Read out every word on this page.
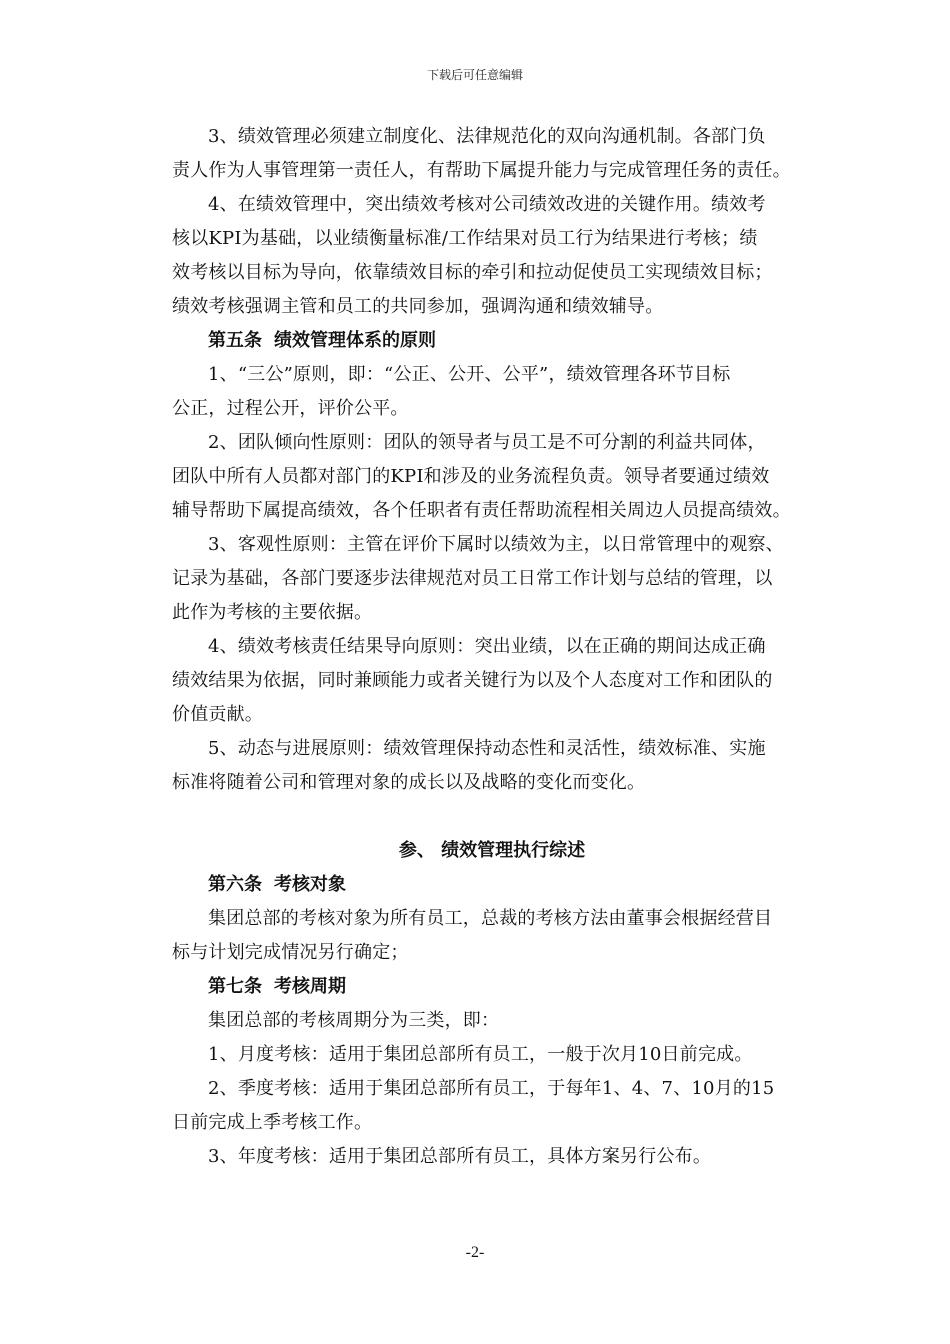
下载后可任意编辑

3、绩效管理必须建立制度化、法律规范化的双向沟通机制。各部门负
责人作为人事管理第一责任人，有帮助下属提升能力与完成管理任务的责任。

4、在绩效管理中，突出绩效考核对公司绩效改进的关键作用。绩效考
核以KPI为基础，以业绩衡量标准/工作结果对员工行为结果进行考核；绩
效考核以目标为导向，依靠绩效目标的牵引和拉动促使员工实现绩效目标；
绩效考核强调主管和员工的共同参加，强调沟通和绩效辅导。

第五条 绩效管理体系的原则

1、“三公”原则，即：“公正、公开、公平”，绩效管理各环节目标
公正，过程公开，评价公平。

2、团队倾向性原则：团队的领导者与员工是不可分割的利益共同体，
团队中所有人员都对部门的KPI和涉及的业务流程负责。领导者要通过绩效
辅导帮助下属提高绩效，各个任职者有责任帮助流程相关周边人员提高绩效。

3、客观性原则：主管在评价下属时以绩效为主，以日常管理中的观察、
记录为基础，各部门要逐步法律规范对员工日常工作计划与总结的管理，以
此作为考核的主要依据。

4、绩效考核责任结果导向原则：突出业绩，以在正确的期间达成正确
绩效结果为依据，同时兼顾能力或者关键行为以及个人态度对工作和团队的
价值贡献。

5、动态与进展原则：绩效管理保持动态性和灵活性，绩效标准、实施
标准将随着公司和管理对象的成长以及战略的变化而变化。

参、 绩效管理执行综述

第六条 考核对象

集团总部的考核对象为所有员工，总裁的考核方法由董事会根据经营目
标与计划完成情况另行确定；

第七条 考核周期

集团总部的考核周期分为三类，即：

1、月度考核：适用于集团总部所有员工，一般于次月10日前完成。

2、季度考核：适用于集团总部所有员工，于每年1、4、7、10月的15
日前完成上季考核工作。

3、年度考核：适用于集团总部所有员工，具体方案另行公布。

-2-
